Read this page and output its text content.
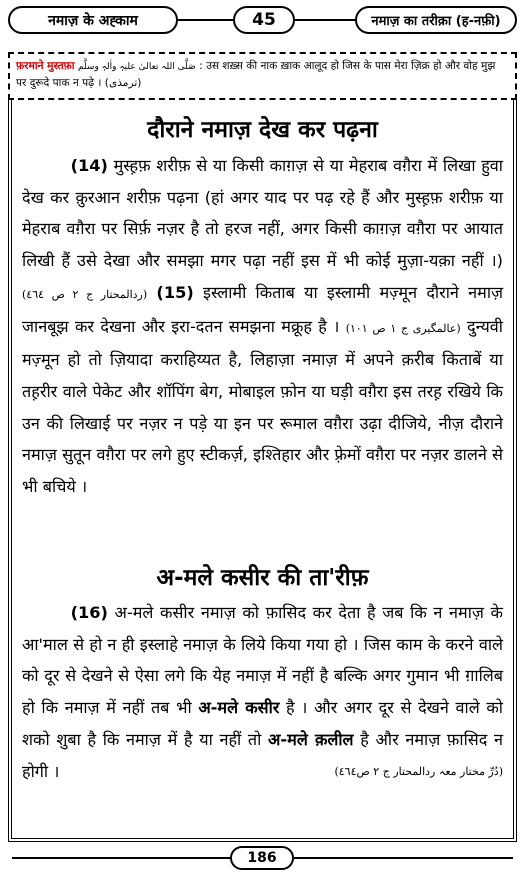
नमाज़ के अह्काम	45	नमाज़ का तरीक़ा (ह-नफ़ी)
फ़रमाने मुस्तफ़ा صَلَّی اللہ تعالیٰ علیہٖ واٰلہٖ وسلَّم : उस शख़्स की नाक ख़ाक आलूद हो जिस के पास मेरा ज़िक्र हो और वोह मुझ पर दुरूदे पाक न पढ़े । (ترمذی)
दौराने नमाज़ देख कर पढ़ना
   (14) मुस्ह़फ़ शरीफ़ से या किसी काग़ज़ से या मेहराब वग़ैरा में लिखा हुवा देख कर क़ुरआन शरीफ़ पढ़ना (हां अगर याद पर पढ़ रहे हैं और मुस्ह़फ़ शरीफ़ या मेहराब वग़ैरा पर सिर्फ़ नज़र है तो हरज नहीं, अगर किसी काग़ज़ वग़ैरा पर आयात लिखी हैं उसे देखा और समझा मगर पढ़ा नहीं इस में भी कोई मुज़ा-यक़ा नहीं ।) (ردالمحتار ج ۲ ص ٤٦٤) (15) इस्लामी किताब या इस्लामी मज़्मून दौराने नमाज़ जानबूझ कर देखना और इरा-दतन समझना मक्रूह है । (عالمگیری ج ۱ ص ۱۰۱) दुन्यवी मज़्मून हो तो ज़ियादा कराहिय्यत है, लिहाज़ा नमाज़ में अपने क़रीब किताबें या तह़रीर वाले पेकेट और शॉपिंग बेग, मोबाइल फ़ोन या घड़ी वग़ैरा इस तरह़ रखिये कि उन की लिखाई पर नज़र न पड़े या इन पर रूमाल वग़ैरा उढ़ा दीजिये, नीज़ दौराने नमाज़ सुतून वग़ैरा पर लगे हुए स्टीकर्ज़, इश्तिहार और फ़्रेमों वग़ैरा पर नज़र डालने से भी बचिये ।
अ-मले कसीर की ता'रीफ़
   (16) अ-मले कसीर नमाज़ को फ़ासिद कर देता है जब कि न नमाज़ के आ'माल से हो न ही इस्लाहे नमाज़ के लिये किया गया हो । जिस काम के करने वाले को दूर से देखने से ऐसा लगे कि येह नमाज़ में नहीं है बल्कि अगर गुमान भी ग़ालिब हो कि नमाज़ में नहीं तब भी अ-मले कसीर है । और अगर दूर से देखने वाले को शको शुबा है कि नमाज़ में है या नहीं तो अ-मले क़लील है और नमाज़ फ़ासिद न होगी ।	(دُرِّ مختار معہ ردالمحتار ج ۲ ص٤٦٤)
186
